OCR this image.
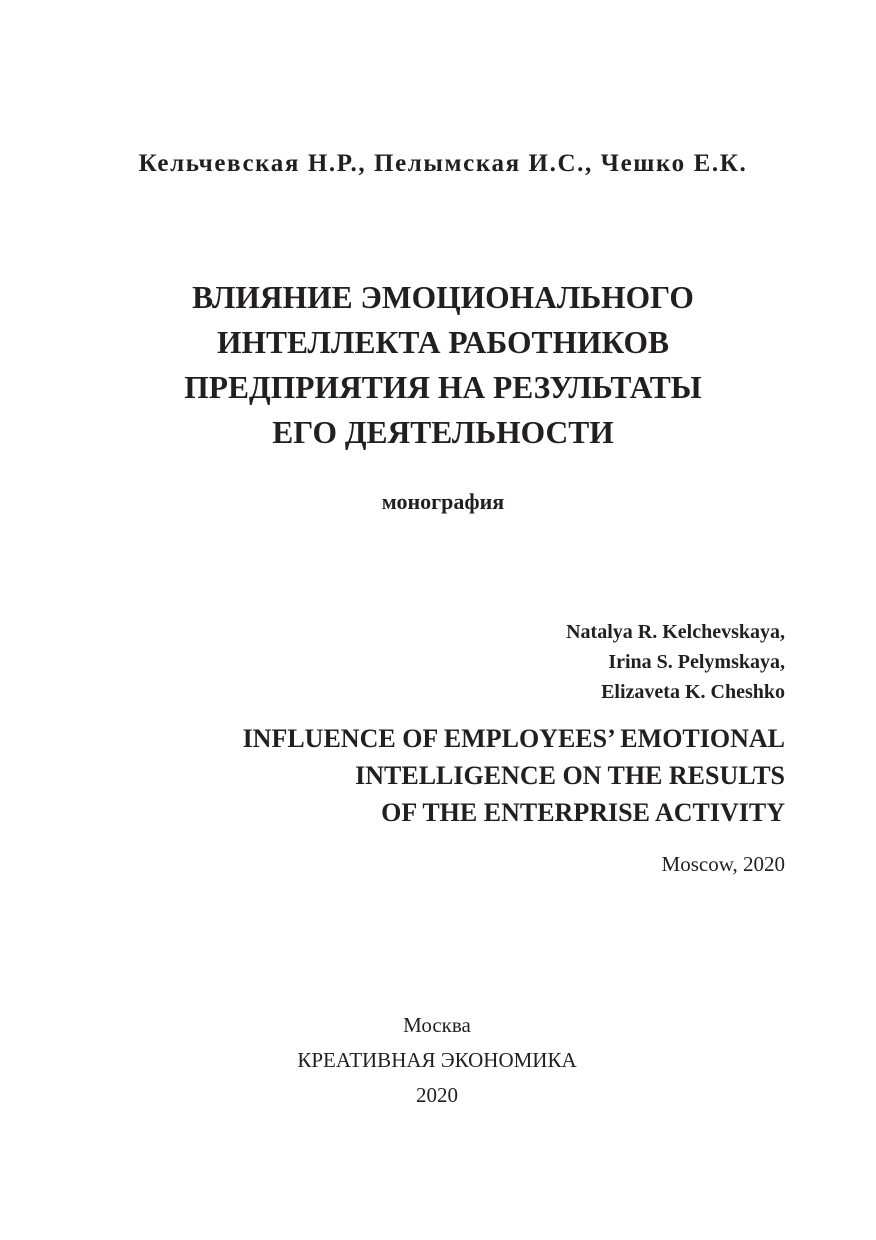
Кельчевская Н.Р., Пелымская И.С., Чешко Е.К.
ВЛИЯНИЕ ЭМОЦИОНАЛЬНОГО
ИНТЕЛЛЕКТА РАБОТНИКОВ
ПРЕДПРИЯТИЯ НА РЕЗУЛЬТАТЫ
ЕГО ДЕЯТЕЛЬНОСТИ
монография
Natalya R. Kelchevskaya,
Irina S. Pelymskaya,
Elizaveta K. Cheshko
INFLUENCE OF EMPLOYEES’ EMOTIONAL
INTELLIGENCE ON THE RESULTS
OF THE ENTERPRISE ACTIVITY
Moscow, 2020
Москва
КРЕАТИВНАЯ ЭКОНОМИКА
2020
